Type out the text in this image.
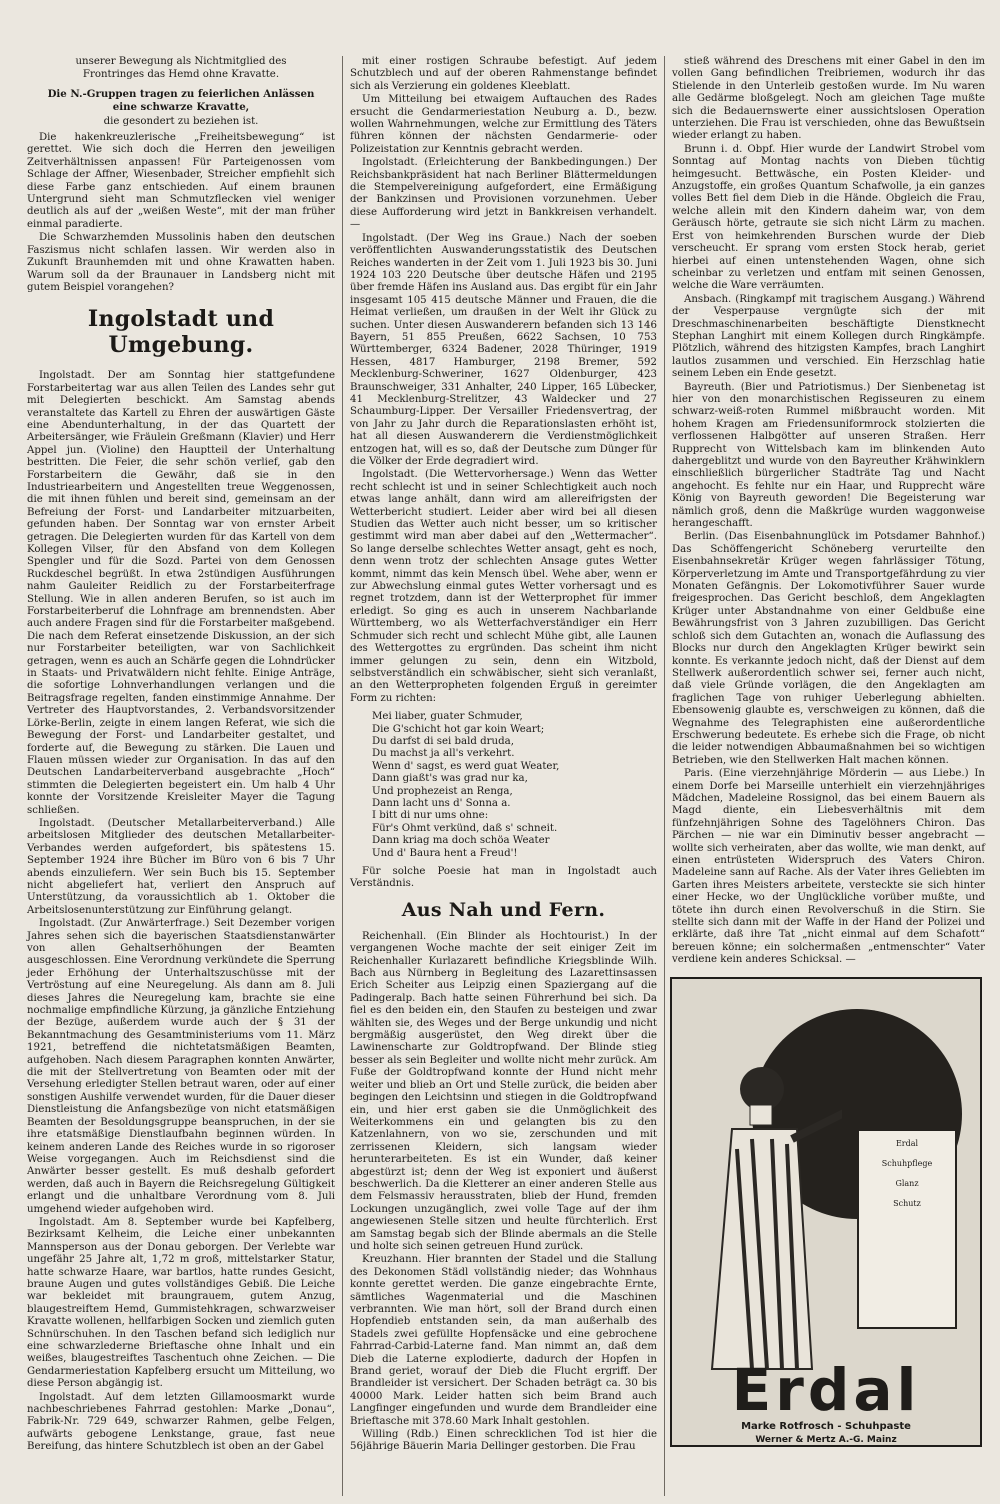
unserer Bewegung als Nichtmitglied des

Frontringes das Hemd ohne Kravatte.

Die N.-Gruppen tragen zu feierlichen Anlässen

eine schwarze Kravatte,

die gesondert zu beziehen ist.

Die hakenkreuzlerische „Freiheitsbewegung“ ist gerettet. Wie sich doch die Herren den jeweiligen Zeitverhältnissen anpassen! Für Parteigenossen vom Schlage der Affner, Wiesenbader, Streicher empfiehlt sich diese Farbe ganz entschieden. Auf einem braunen Untergrund sieht man Schmutzflecken viel weniger deutlich als auf der „weißen Weste“, mit der man früher einmal paradierte.

Die Schwarzhemden Mussolinis haben den deutschen Faszismus nicht schlafen lassen. Wir werden also in Zukunft Braunhemden mit und ohne Krawatten haben. Warum soll da der Braunauer in Landsberg nicht mit gutem Beispiel vorangehen?

Ingolstadt und Umgebung.

Ingolstadt. Der am Sonntag hier stattgefundene Forstarbeitertag war aus allen Teilen des Landes sehr gut mit Delegierten beschickt. Am Samstag abends veranstaltete das Kartell zu Ehren der auswärtigen Gäste eine Abendunterhaltung, in der das Quartett der Arbeitersänger, wie Fräulein Greßmann (Klavier) und Herr Appel jun. (Violine) den Hauptteil der Unterhaltung bestritten. Die Feier, die sehr schön verlief, gab den Forstarbeitern die Gewähr, daß sie in den Industriearbeitern und Angestellten treue Weggenossen, die mit ihnen fühlen und bereit sind, gemeinsam an der Befreiung der Forst- und Landarbeiter mitzuarbeiten, gefunden haben. Der Sonntag war von ernster Arbeit getragen. Die Delegierten wurden für das Kartell von dem Kollegen Vilser, für den Absfand von dem Kollegen Spengler und für die Sozd. Partei von dem Genossen Ruckdeschel begrüßt. In etwa 2stündigen Ausführungen nahm Gauleiter Reidlich zu der Forstarbeiterfrage Stellung. Wie in allen anderen Berufen, so ist auch im Forstarbeiterberuf die Lohnfrage am brennendsten. Aber auch andere Fragen sind für die Forstarbeiter maßgebend. Die nach dem Referat einsetzende Diskussion, an der sich nur Forstarbeiter beteiligten, war von Sachlichkeit getragen, wenn es auch an Schärfe gegen die Lohndrücker in Staats- und Privatwäldern nicht fehlte. Einige Anträge, die sofortige Lohnverhandlungen verlangen und die Beitragsfrage regelten, fanden einstimmige Annahme. Der Vertreter des Hauptvorstandes, 2. Verbandsvorsitzender Lörke-Berlin, zeigte in einem langen Referat, wie sich die Bewegung der Forst- und Landarbeiter gestaltet, und forderte auf, die Bewegung zu stärken. Die Lauen und Flauen müssen wieder zur Organisation. In das auf den Deutschen Landarbeiterverband ausgebrachte „Hoch“ stimmten die Delegierten begeistert ein. Um halb 4 Uhr konnte der Vorsitzende Kreisleiter Mayer die Tagung schließen.

Ingolstadt. (Deutscher Metallarbeiterverband.) Alle arbeitslosen Mitglieder des deutschen Metallarbeiter-Verbandes werden aufgefordert, bis spätestens 15. September 1924 ihre Bücher im Büro von 6 bis 7 Uhr abends einzuliefern. Wer sein Buch bis 15. September nicht abgeliefert hat, verliert den Anspruch auf Unterstützung, da voraussichtlich ab 1. Oktober die Arbeitslosenunterstützung zur Einführung gelangt.

Ingolstadt. (Zur Anwärterfrage.) Seit Dezember vorigen Jahres sehen sich die bayerischen Staatsdienstanwärter von allen Gehaltserhöhungen der Beamten ausgeschlossen. Eine Verordnung verkündete die Sperrung jeder Erhöhung der Unterhaltszuschüsse mit der Vertröstung auf eine Neuregelung. Als dann am 8. Juli dieses Jahres die Neuregelung kam, brachte sie eine nochmalige empfindliche Kürzung, ja gänzliche Entziehung der Bezüge, außerdem wurde auch der § 31 der Bekanntmachung des Gesamtministeriums vom 11. März 1921, betreffend die nichtetatsmäßigen Beamten, aufgehoben. Nach diesem Paragraphen konnten Anwärter, die mit der Stellvertretung von Beamten oder mit der Versehung erledigter Stellen betraut waren, oder auf einer sonstigen Aushilfe verwendet wurden, für die Dauer dieser Dienstleistung die Anfangsbezüge von nicht etatsmäßigen Beamten der Besoldungsgruppe beanspruchen, in der sie ihre etatsmäßige Dienstlaufbahn beginnen würden. In keinem anderen Lande des Reiches wurde in so rigoroser Weise vorgegangen. Auch im Reichsdienst sind die Anwärter besser gestellt. Es muß deshalb gefordert werden, daß auch in Bayern die Reichsregelung Gültigkeit erlangt und die unhaltbare Verordnung vom 8. Juli umgehend wieder aufgehoben wird.

Ingolstadt. Am 8. September wurde bei Kapfelberg, Bezirksamt Kelheim, die Leiche einer unbekannten Mannsperson aus der Donau geborgen. Der Verlebte war ungefähr 25 Jahre alt, 1,72 m groß, mittelstarker Statur, hatte schwarze Haare, war bartlos, hatte rundes Gesicht, braune Augen und gutes vollständiges Gebiß. Die Leiche war bekleidet mit braungrauem, gutem Anzug, blaugestreiftem Hemd, Gummistehkragen, schwarzweiser Kravatte wollenen, hellfarbigen Socken und ziemlich guten Schnürschuhen. In den Taschen befand sich lediglich nur eine schwarzlederne Brieftasche ohne Inhalt und ein weißes, blaugestreiftes Taschentuch ohne Zeichen. — Die Gendarmeriestation Kapfelberg ersucht um Mitteilung, wo diese Person abgängig ist.

Ingolstadt. Auf dem letzten Gillamoosmarkt wurde nachbeschriebenes Fahrrad gestohlen: Marke „Donau“, Fabrik-Nr. 729 649, schwarzer Rahmen, gelbe Felgen, aufwärts gebogene Lenkstange, graue, fast neue Bereifung, das hintere Schutzblech ist oben an der Gabel

mit einer rostigen Schraube befestigt. Auf jedem Schutzblech und auf der oberen Rahmenstange befindet sich als Verzierung ein goldenes Kleeblatt.

Um Mitteilung bei etwaigem Auftauchen des Rades ersucht die Gendarmeriestation Neuburg a. D., bezw. wollen Wahrnehmungen, welche zur Ermittlung des Täters führen können der nächsten Gendarmerie- oder Polizeistation zur Kenntnis gebracht werden.

Ingolstadt. (Erleichterung der Bankbedingungen.) Der Reichsbankpräsident hat nach Berliner Blättermeldungen die Stempelvereinigung aufgefordert, eine Ermäßigung der Bankzinsen und Provisionen vorzunehmen. Ueber diese Aufforderung wird jetzt in Bankkreisen verhandelt. —

Ingolstadt. (Der Weg ins Graue.) Nach der soeben veröffentlichten Auswanderungsstatistik des Deutschen Reiches wanderten in der Zeit vom 1. Juli 1923 bis 30. Juni 1924 103 220 Deutsche über deutsche Häfen und 2195 über fremde Häfen ins Ausland aus. Das ergibt für ein Jahr insgesamt 105 415 deutsche Männer und Frauen, die die Heimat verließen, um draußen in der Welt ihr Glück zu suchen. Unter diesen Auswanderern befanden sich 13 146 Bayern, 51 855 Preußen, 6622 Sachsen, 10 753 Württemberger, 6324 Badener, 2028 Thüringer, 1919 Hessen, 4817 Hamburger, 2198 Bremer, 592 Mecklenburg-Schweriner, 1627 Oldenburger, 423 Braunschweiger, 331 Anhalter, 240 Lipper, 165 Lübecker, 41 Mecklenburg-Strelitzer, 43 Waldecker und 27 Schaumburg-Lipper. Der Versailler Friedensvertrag, der von Jahr zu Jahr durch die Reparationslasten erhöht ist, hat all diesen Auswanderern die Verdienstmöglichkeit entzogen hat, will es so, daß der Deutsche zum Dünger für die Völker der Erde degradiert wird.

Ingolstadt. (Die Wettervorhersage.) Wenn das Wetter recht schlecht ist und in seiner Schlechtigkeit auch noch etwas lange anhält, dann wird am allereifrigsten der Wetterbericht studiert. Leider aber wird bei all diesen Studien das Wetter auch nicht besser, um so kritischer gestimmt wird man aber dabei auf den „Wettermacher“. So lange derselbe schlechtes Wetter ansagt, geht es noch, denn wenn trotz der schlechten Ansage gutes Wetter kommt, nimmt das kein Mensch übel. Wehe aber, wenn er zur Abwechslung einmal gutes Wetter vorhersagt und es regnet trotzdem, dann ist der Wetterprophet für immer erledigt. So ging es auch in unserem Nachbarlande Württemberg, wo als Wetterfachverständiger ein Herr Schmuder sich recht und schlecht Mühe gibt, alle Launen des Wettergottes zu ergründen. Das scheint ihm nicht immer gelungen zu sein, denn ein Witzbold, selbstverständlich ein schwäbischer, sieht sich veranlaßt, an den Wetterpropheten folgenden Erguß in gereimter Form zu richten:

Mei liaber, guater Schmuder,

Die G'schicht hot gar koin Weart;

Du darfst di sei bald druda,

Du machst ja all's verkehrt.

Wenn d' sagst, es werd guat Weater,

Dann giaßt's was grad nur ka,

Und prophezeist an Renga,

Dann lacht uns d' Sonna a.

I bitt di nur ums ohne:

Für's Ohmt verkünd, daß s' schneit.

Dann kriag ma doch schöa Weater

Und d' Baura hent a Freud'!

Für solche Poesie hat man in Ingolstadt auch Verständnis.

Aus Nah und Fern.

Reichenhall. (Ein Blinder als Hochtourist.) In der vergangenen Woche machte der seit einiger Zeit im Reichenhaller Kurlazarett befindliche Kriegsblinde Wilh. Bach aus Nürnberg in Begleitung des Lazarettinsassen Erich Scheiter aus Leipzig einen Spaziergang auf die Padingeralp. Bach hatte seinen Führerhund bei sich. Da fiel es den beiden ein, den Staufen zu besteigen und zwar wählten sie, des Weges und der Berge unkundig und nicht bergmäßig ausgerüstet, den Weg direkt über die Lawinenscharte zur Goldtropfwand. Der Blinde stieg besser als sein Begleiter und wollte nicht mehr zurück. Am Fuße der Goldtropfwand konnte der Hund nicht mehr weiter und blieb an Ort und Stelle zurück, die beiden aber begingen den Leichtsinn und stiegen in die Goldtropfwand ein, und hier erst gaben sie die Unmöglichkeit des Weiterkommens ein und gelangten bis zu den Katzenlahnern, von wo sie, zerschunden und mit zerrissenen Kleidern, sich langsam wieder herunterarbeiteten. Es ist ein Wunder, daß keiner abgestürzt ist; denn der Weg ist exponiert und äußerst beschwerlich. Da die Kletterer an einer anderen Stelle aus dem Felsmassiv herausstraten, blieb der Hund, fremden Lockungen unzugänglich, zwei volle Tage auf der ihm angewiesenen Stelle sitzen und heulte fürchterlich. Erst am Samstag begab sich der Blinde abermals an die Stelle und holte sich seinen getreuen Hund zurück.

Kreuzhann. Hier brannten der Stadel und die Stallung des Dekonomen Städl vollständig nieder; das Wohnhaus konnte gerettet werden. Die ganze eingebrachte Ernte, sämtliches Wagenmaterial und die Maschinen verbrannten. Wie man hört, soll der Brand durch einen Hopfendieb entstanden sein, da man außerhalb des Stadels zwei gefüllte Hopfensäcke und eine gebrochene Fahrrad-Carbid-Laterne fand. Man nimmt an, daß dem Dieb die Laterne explodierte, dadurch der Hopfen in Brand geriet, worauf der Dieb die Flucht ergriff. Der Brandleider ist versichert. Der Schaden beträgt ca. 30 bis 40000 Mark. Leider hatten sich beim Brand auch Langfinger eingefunden und wurde dem Brandleider eine Brieftasche mit 378.60 Mark Inhalt gestohlen.

Willing (Rdb.) Einen schrecklichen Tod ist hier die 56jährige Bäuerin Maria Dellinger gestorben. Die Frau

stieß während des Dreschens mit einer Gabel in den im vollen Gang befindlichen Treibriemen, wodurch ihr das Stielende in den Unterleib gestoßen wurde. Im Nu waren alle Gedärme bloßgelegt. Noch am gleichen Tage mußte sich die Bedauernswerte einer aussichtslosen Operation unterziehen. Die Frau ist verschieden, ohne das Bewußtsein wieder erlangt zu haben.

Brunn i. d. Obpf. Hier wurde der Landwirt Strobel vom Sonntag auf Montag nachts von Dieben tüchtig heimgesucht. Bettwäsche, ein Posten Kleider- und Anzugstoffe, ein großes Quantum Schafwolle, ja ein ganzes volles Bett fiel dem Dieb in die Hände. Obgleich die Frau, welche allein mit den Kindern daheim war, von dem Geräusch hörte, getraute sie sich nicht Lärm zu machen. Erst von heimkehrenden Burschen wurde der Dieb verscheucht. Er sprang vom ersten Stock herab, geriet hierbei auf einen untenstehenden Wagen, ohne sich scheinbar zu verletzen und entfam mit seinen Genossen, welche die Ware verräumten.

Ansbach. (Ringkampf mit tragischem Ausgang.) Während der Vesperpause vergnügte sich der mit Dreschmaschinenarbeiten beschäftigte Dienstknecht Stephan Langhirt mit einem Kollegen durch Ringkämpfe. Plötzlich, während des hitzigsten Kampfes, brach Langhirt lautlos zusammen und verschied. Ein Herzschlag hatie seinem Leben ein Ende gesetzt.

Bayreuth. (Bier und Patriotismus.) Der Sienbenetag ist hier von den monarchistischen Regisseuren zu einem schwarz-weiß-roten Rummel mißbraucht worden. Mit hohem Kragen am Friedensuniformrock stolzierten die verflossenen Halbgötter auf unseren Straßen. Herr Rupprecht von Wittelsbach kam im blinkenden Auto dahergeblitzt und wurde von den Bayreuther Krähwinklern einschließlich bürgerlicher Stadträte Tag und Nacht angehocht. Es fehlte nur ein Haar, und Rupprecht wäre König von Bayreuth geworden! Die Begeisterung war nämlich groß, denn die Maßkrüge wurden waggonweise herangeschafft.

Berlin. (Das Eisenbahnunglück im Potsdamer Bahnhof.) Das Schöffengericht Schöneberg verurteilte den Eisenbahnsekretär Krüger wegen fahrlässiger Tötung, Körperverletzung im Amte und Transportgefährdung zu vier Monaten Gefängnis. Der Lokomotivführer Sauer wurde freigesprochen. Das Gericht beschloß, dem Angeklagten Krüger unter Abstandnahme von einer Geldbuße eine Bewährungsfrist von 3 Jahren zuzubilligen. Das Gericht schloß sich dem Gutachten an, wonach die Auflassung des Blocks nur durch den Angeklagten Krüger bewirkt sein konnte. Es verkannte jedoch nicht, daß der Dienst auf dem Stellwerk außerordentlich schwer sei, ferner auch nicht, daß viele Gründe vorlägen, die den Angeklagten am fraglichen Tage von ruhiger Ueberlegung abhielten. Ebensowenig glaubte es, verschweigen zu können, daß die Wegnahme des Telegraphisten eine außerordentliche Erschwerung bedeutete. Es erhebe sich die Frage, ob nicht die leider notwendigen Abbaumaßnahmen bei so wichtigen Betrieben, wie den Stellwerken Halt machen können.

Paris. (Eine vierzehnjährige Mörderin — aus Liebe.) In einem Dorfe bei Marseille unterhielt ein vierzehnjähriges Mädchen, Madeleine Rossignol, das bei einem Bauern als Magd diente, ein Liebesverhältnis mit dem fünfzehnjährigen Sohne des Tagelöhners Chiron. Das Pärchen — nie war ein Diminutiv besser angebracht — wollte sich verheiraten, aber das wollte, wie man denkt, auf einen entrüsteten Widerspruch des Vaters Chiron. Madeleine sann auf Rache. Als der Vater ihres Geliebten im Garten ihres Meisters arbeitete, versteckte sie sich hinter einer Hecke, wo der Unglückliche vorüber mußte, und tötete ihn durch einen Revolverschuß in die Stirn. Sie stellte sich dann mit der Waffe in der Hand der Polizei und erklärte, daß ihre Tat „nicht einmal auf dem Schafott“ bereuen könne; ein solchermaßen „entmenschter“ Vater verdiene kein anderes Schicksal. —

Erdal
Schuhpflege
Glanz
Schutz
Erdal
Marke Rotfrosch - Schuhpaste
Werner & Mertz A.-G. Mainz
